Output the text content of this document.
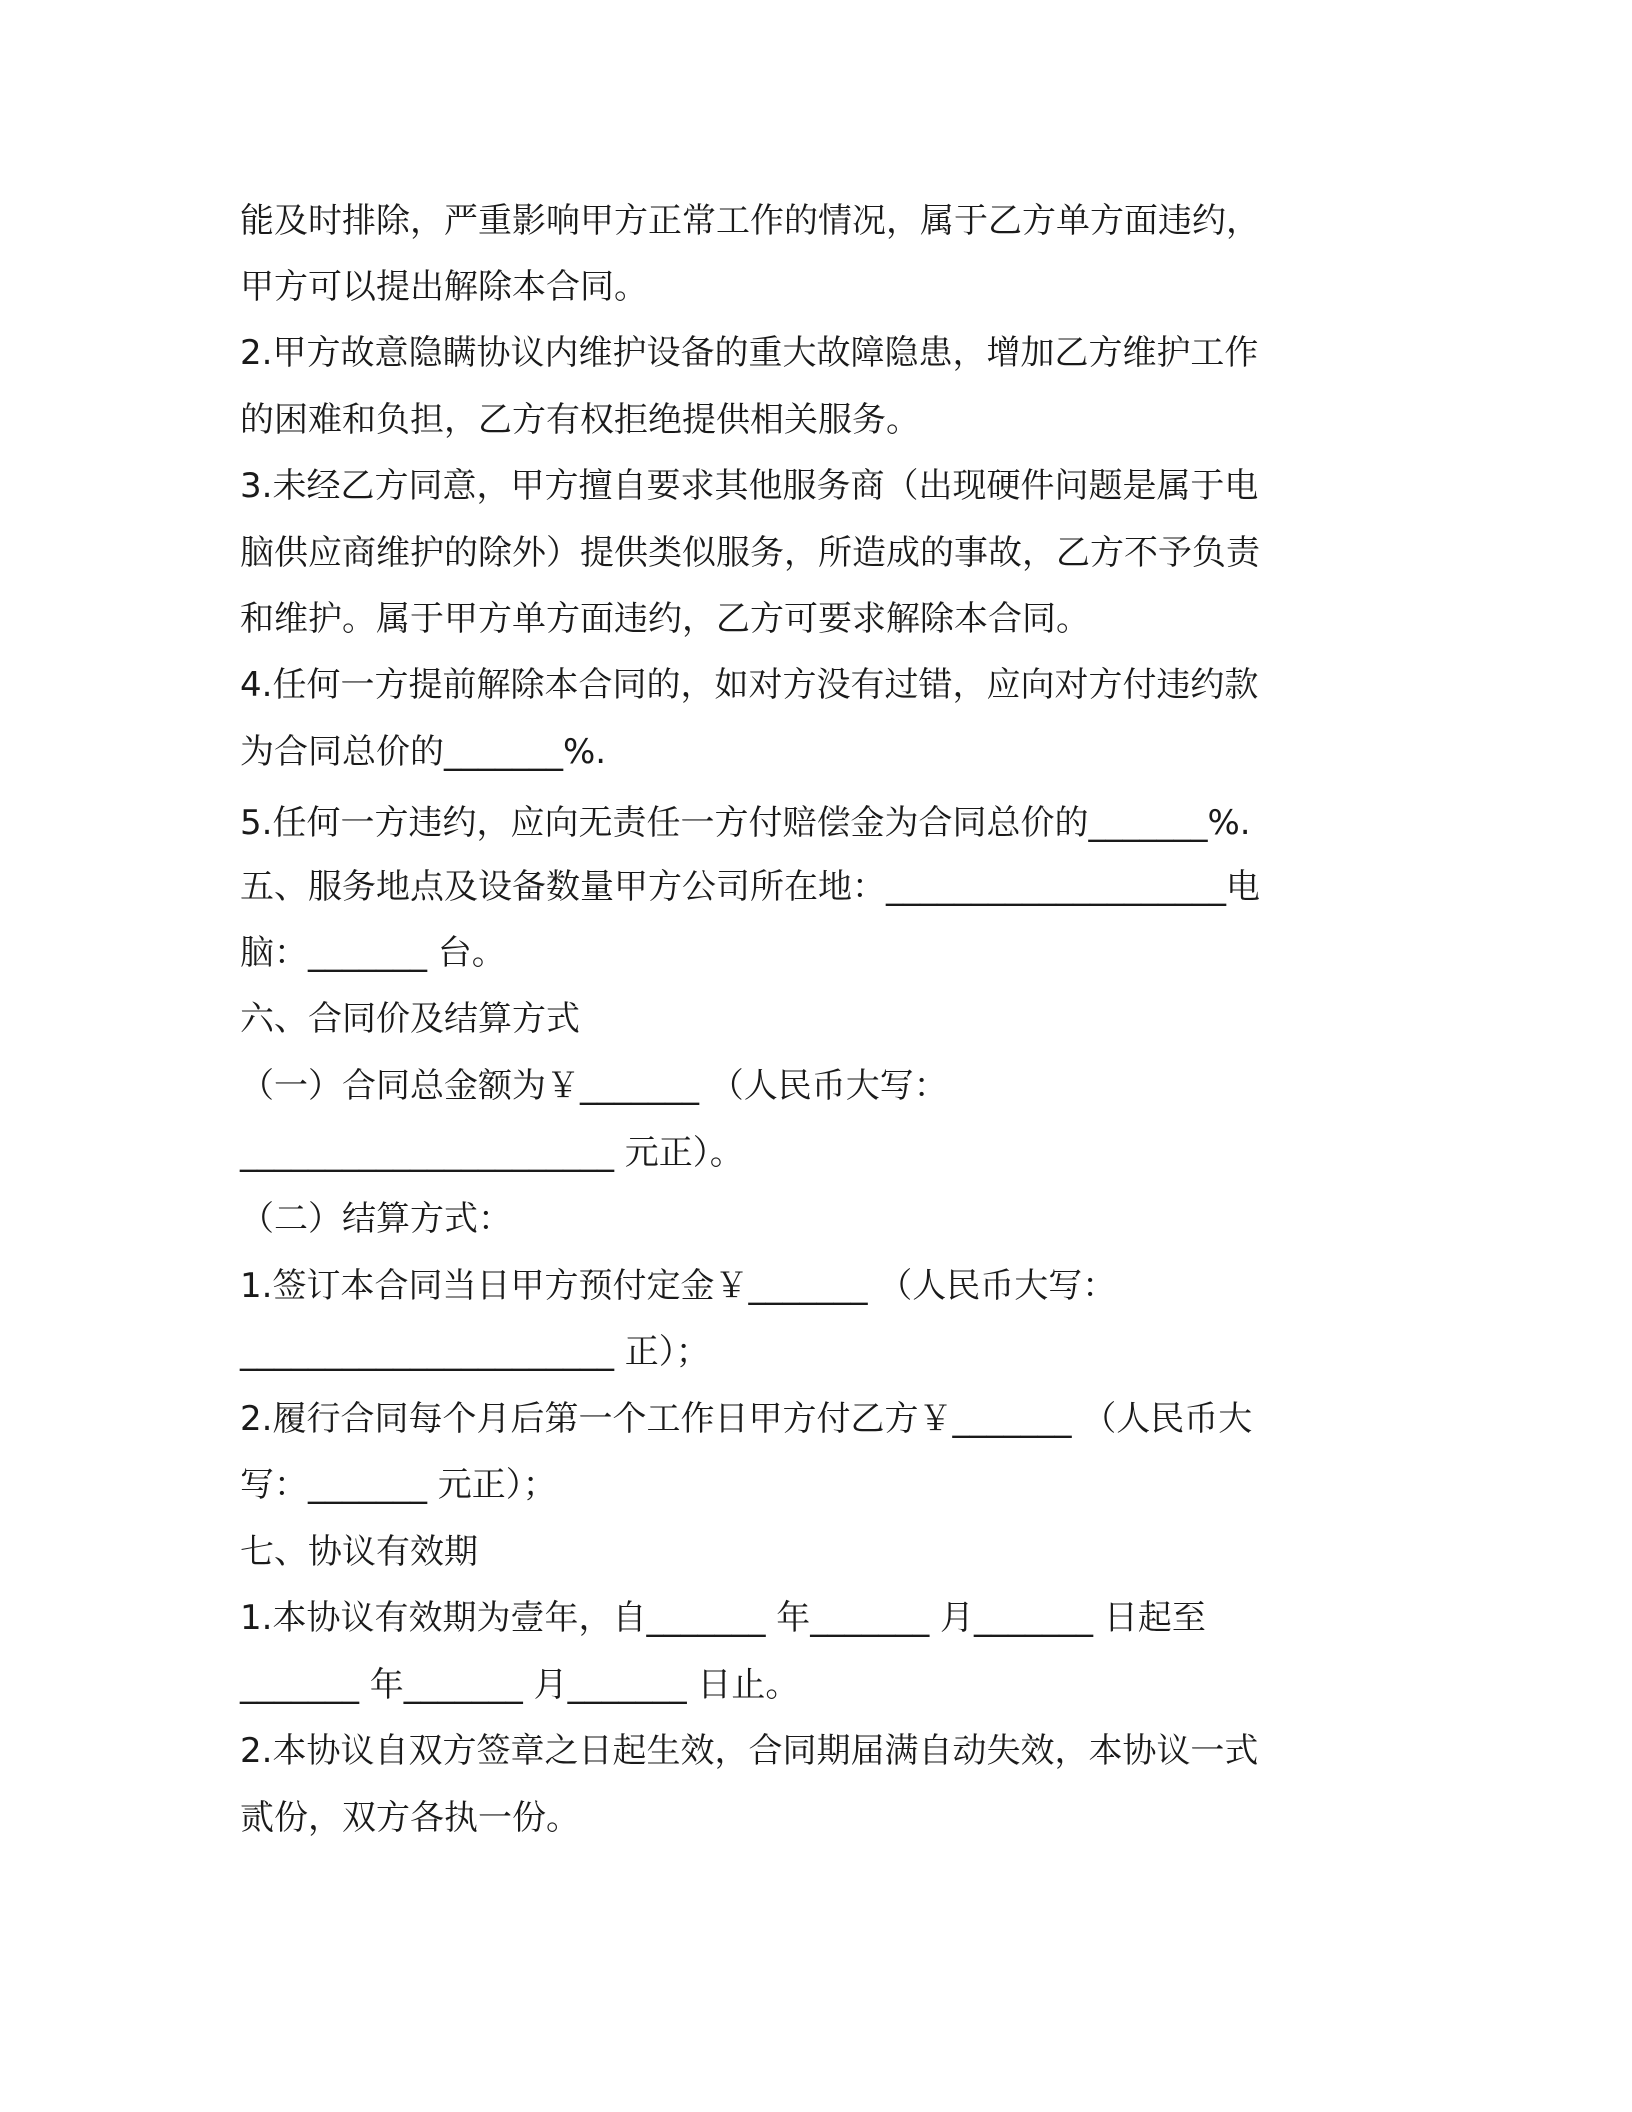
能及时排除，严重影响甲方正常工作的情况，属于乙方单方面违约，
甲方可以提出解除本合同。
2.甲方故意隐瞒协议内维护设备的重大故障隐患，增加乙方维护工作
的困难和负担，乙方有权拒绝提供相关服务。
3.未经乙方同意，甲方擅自要求其他服务商（出现硬件问题是属于电
脑供应商维护的除外）提供类似服务，所造成的事故，乙方不予负责
和维护。属于甲方单方面违约，乙方可要求解除本合同。
4.任何一方提前解除本合同的，如对方没有过错，应向对方付违约款
为合同总价的_______%.
5.任何一方违约，应向无责任一方付赔偿金为合同总价的_______%.
五、服务地点及设备数量甲方公司所在地：____________________电
脑：_______ 台。
六、合同价及结算方式
（一）合同总金额为￥_______ （人民币大写：
______________________ 元正）。
（二）结算方式：
1.签订本合同当日甲方预付定金￥_______ （人民币大写：
______________________ 正）；
2.履行合同每个月后第一个工作日甲方付乙方￥_______ （人民币大
写：_______ 元正）；
七、协议有效期
1.本协议有效期为壹年，自_______ 年_______ 月_______ 日起至
_______ 年_______ 月_______ 日止。
2.本协议自双方签章之日起生效，合同期届满自动失效，本协议一式
贰份，双方各执一份。
